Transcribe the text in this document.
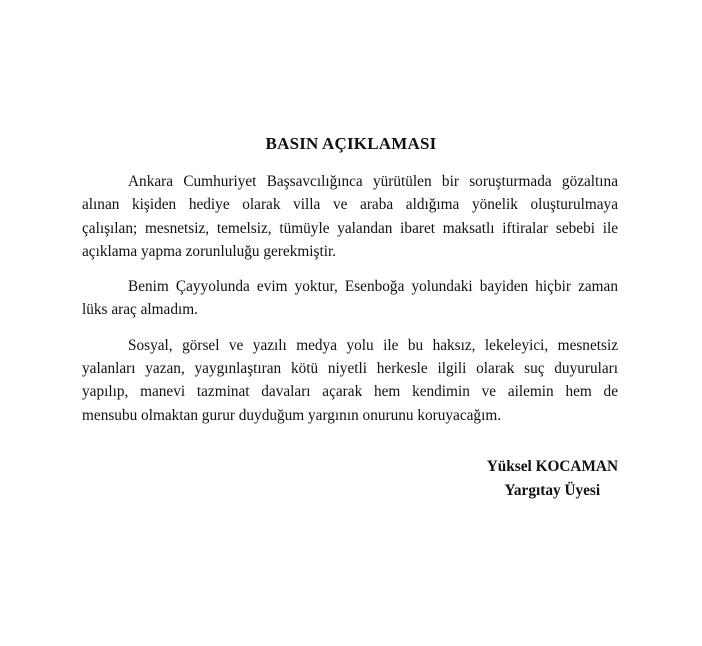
BASIN AÇIKLAMASI
Ankara Cumhuriyet Başsavcılığınca yürütülen bir soruşturmada gözaltına
alınan kişiden hediye olarak villa ve araba aldığıma yönelik oluşturulmaya
çalışılan; mesnetsiz, temelsiz, tümüyle yalandan ibaret maksatlı iftiralar sebebi ile
açıklama yapma zorunluluğu gerekmiştir.
Benim Çayyolunda evim yoktur, Esenboğa yolundaki bayiden hiçbir zaman
lüks araç almadım.
Sosyal, görsel ve yazılı medya yolu ile bu haksız, lekeleyici, mesnetsiz
yalanları yazan, yaygınlaştıran kötü niyetli herkesle ilgili olarak suç duyuruları
yapılıp, manevi tazminat davaları açarak hem kendimin ve ailemin hem de
mensubu olmaktan gurur duyduğum yargının onurunu koruyacağım.
Yüksel KOCAMAN
Yargıtay Üyesi
